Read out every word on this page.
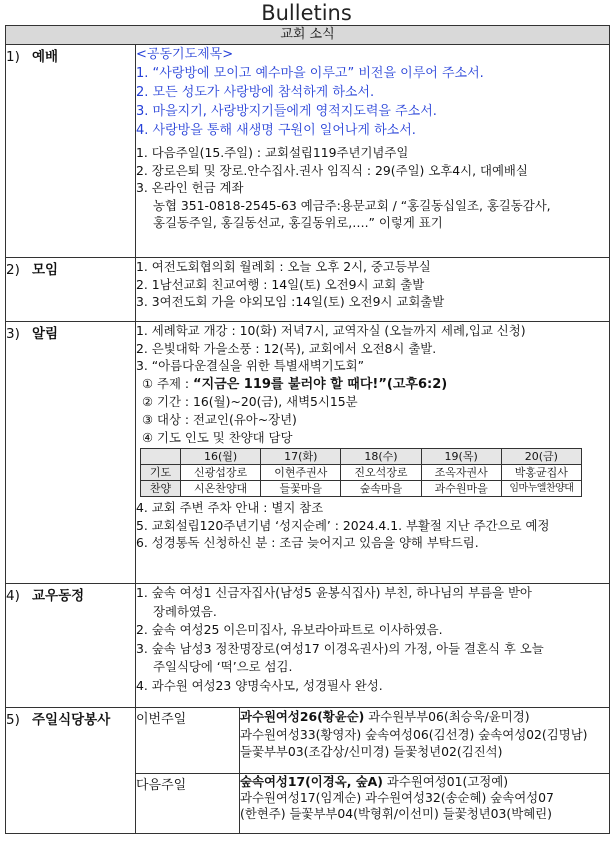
Bulletins
교회 소식
1) 예배	<공동기도제목>
1. “사랑방에 모이고 예수마을 이루고” 비전을 이루어 주소서.
2. 모든 성도가 사랑방에 참석하게 하소서.
3. 마을지기, 사랑방지기들에게 영적지도력을 주소서.
4. 사랑방을 통해 새생명 구원이 일어나게 하소서.
1. 다음주일(15.주일) : 교회설립119주년기념주일
2. 장로은퇴 및 장로.안수집사.권사 임직식 : 29(주일) 오후4시, 대예배실
3. 온라인 헌금 계좌
농협 351-0818-2545-63 예금주:용문교회 / “홍길동십일조, 홍길동감사,
홍길동주일, 홍길동선교, 홍길동위로,….” 이렇게 표기

2) 모임	1. 여전도회협의회 월례회 : 오늘 오후 2시, 중고등부실
2. 1남선교회 친교여행 : 14일(토) 오전9시 교회 출발
3. 3여전도회 가을 야외모임 :14일(토) 오전9시 교회출발

3) 알림	1. 세례학교 개강 : 10(화) 저녁7시, 교역자실 (오늘까지 세례,입교 신청)
2. 은빛대학 가을소풍 : 12(목), 교회에서 오전8시 출발.
3. “아름다운결실을 위한 특별새벽기도회”
① 주제 : “지금은 119를 불러야 할 때다!”(고후6:2)
② 기간 : 16(월)~20(금), 새벽5시15분
③ 대상 : 전교인(유아~장년)
④ 기도 인도 및 찬양대 담당
	16(월)	17(화)	18(수)	19(목)	20(금)
기도	신광섭장로	이현주권사	진오석장로	조옥자권사	박홍균집사
찬양	시온찬양대	들꽃마을	숲속마을	과수원마을	임마누엘찬양대
4. 교회 주변 주차 안내 : 별지 참조
5. 교회설립120주년기념 ‘성지순례’ : 2024.4.1. 부활절 지난 주간으로 예정
6. 성경통독 신청하신 분 : 조금 늦어지고 있음을 양해 부탁드림.

4) 교우동정	1. 숲속 여성1 신금자집사(남성5 윤봉식집사) 부친, 하나님의 부름을 받아
장례하였음.
2. 숲속 여성25 이은미집사, 유보라아파트로 이사하였음.
3. 숲속 남성3 정찬명장로(여성17 이경옥권사)의 가정, 아들 결혼식 후 오늘
주일식당에 ‘떡’으로 섬김.
4. 과수원 여성23 양명숙사모, 성경필사 완성.

5) 주일식당봉사	이번주일	과수원여성26(황윤순) 과수원부부06(최승욱/윤미경)
과수원여성33(황영자) 숲속여성06(김선경) 숲속여성02(김명남)
들꽃부부03(조갑상/신미경) 들꽃청년02(김진석)

다음주일	숲속여성17(이경옥, 숲A) 과수원여성01(고정예)
과수원여성17(임계순) 과수원여성32(송순혜) 숲속여성07
(한현주) 들꽃부부04(박형휘/이선미) 들꽃청년03(박혜린)
